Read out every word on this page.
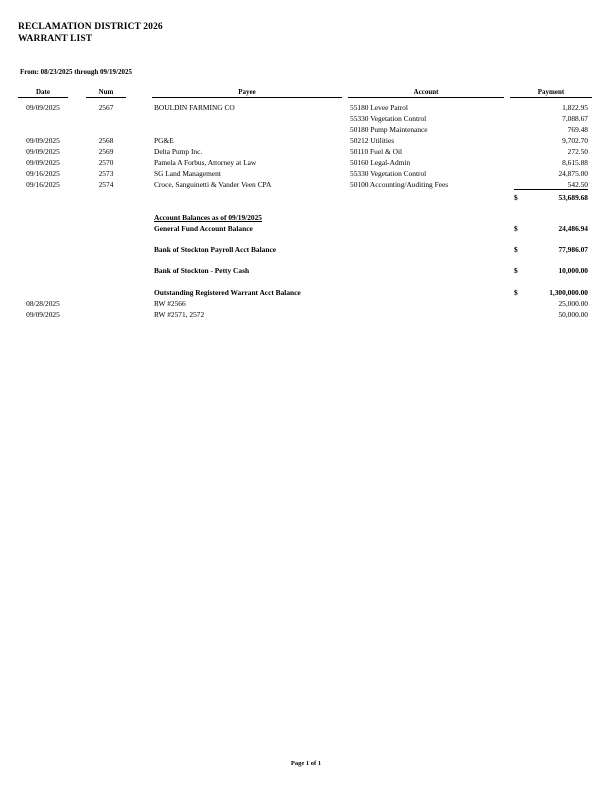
RECLAMATION DISTRICT 2026
WARRANT LIST
From: 08/23/2025 through 09/19/2025
Date	Num	Payee	Account	Payment
09/09/2025	2567	BOULDIN FARMING CO	55180 Levee Patrol	1,822.95
55330 Vegetation Control	7,088.67
50180 Pump Maintenance	769.48
09/09/2025	2568	PG&E	50212 Utilities	9,702.70
09/09/2025	2569	Delta Pump Inc.	50110 Fuel & Oil	272.50
09/09/2025	2570	Pamela A Forbus, Attorney at Law	50160 Legal-Admin	8,615.88
09/16/2025	2573	SG Land Management	55330 Vegetation Control	24,875.00
09/16/2025	2574	Croce, Sanguinetti & Vander Veen CPA	50100 Accounting/Auditing Fees	542.50
$	53,689.68
Account Balances as of 09/19/2025
General Fund Account Balance	$	24,486.94
Bank of Stockton Payroll Acct Balance	$	77,986.07
Bank of Stockton - Petty Cash	$	10,000.00
Outstanding Registered Warrant Acct Balance	$	1,300,000.00
08/28/2025	RW #2566	25,000.00
09/09/2025	RW #2571, 2572	50,000.00
Page 1 of 1
